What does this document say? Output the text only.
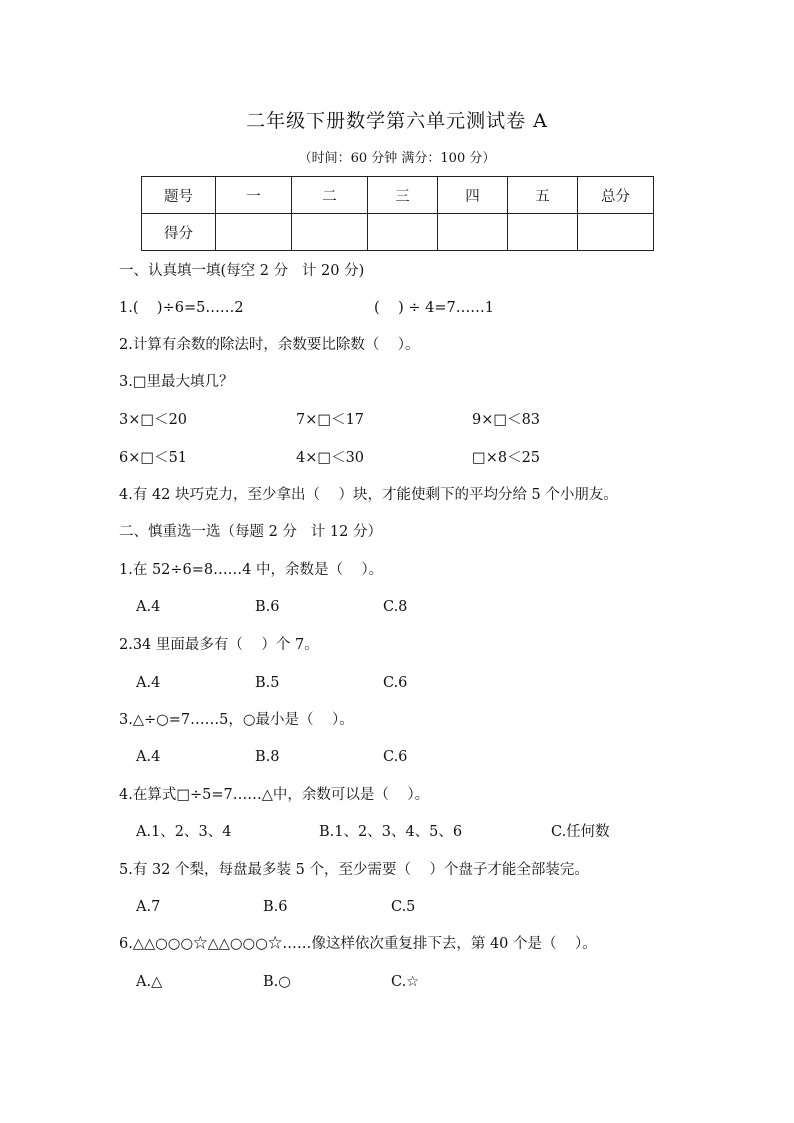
二年级下册数学第六单元测试卷 A
（时间：60 分钟 满分：100 分）
题号	一	二	三	四	五	总分
得分						
一、认真填一填(每空 2 分   计 20 分)
1.(    )÷6=5……2	(    ) ÷ 4=7……1
2.计算有余数的除法时，余数要比除数（    ）。
3.□里最大填几？
3×□＜20	7×□＜17	9×□＜83
6×□＜51	4×□＜30	□×8＜25
4.有 42 块巧克力，至少拿出（    ）块，才能使剩下的平均分给 5 个小朋友。
二、慎重选一选（每题 2 分   计 12 分）
1.在 52÷6=8……4 中，余数是（    ）。
A.4	B.6	C.8
2.34 里面最多有（    ）个 7。
A.4	B.5	C.6
3.△÷○=7……5，○最小是（    ）。
A.4	B.8	C.6
4.在算式□÷5=7……△中，余数可以是（    ）。
A.1、2、3、4	B.1、2、3、4、5、6	C.任何数
5.有 32 个梨，每盘最多装 5 个，至少需要（    ）个盘子才能全部装完。
A.7	B.6	C.5
6.△△○○○☆△△○○○☆……像这样依次重复排下去，第 40 个是（    ）。
A.△	B.○	C.☆
